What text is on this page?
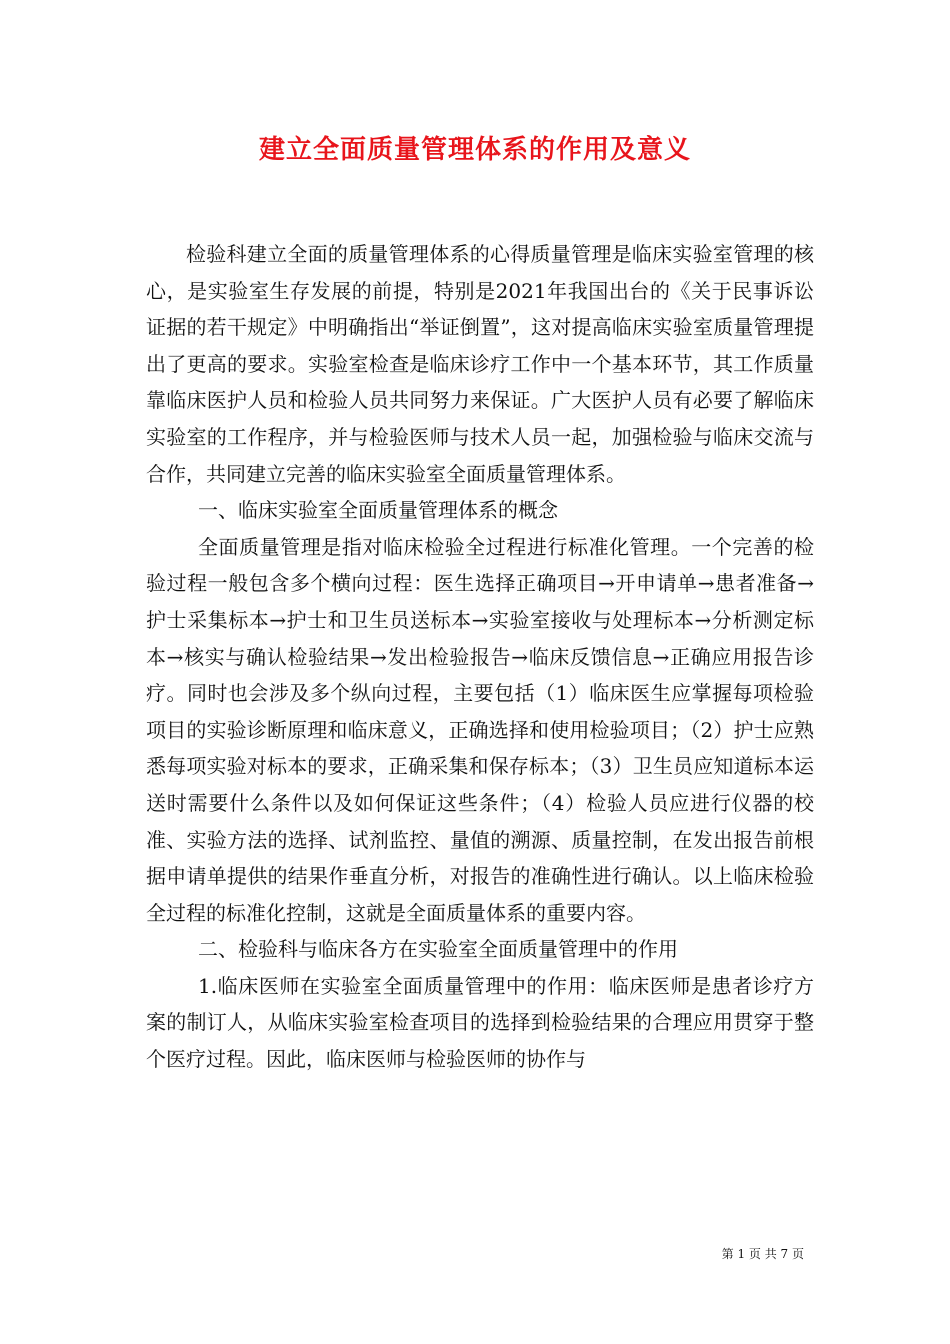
建立全面质量管理体系的作用及意义

检验科建立全面的质量管理体系的心得质量管理是临床实验室管理的核心，是实验室生存发展的前提，特别是2021年我国出台的《关于民事诉讼证据的若干规定》中明确指出“举证倒置”，这对提高临床实验室质量管理提出了更高的要求。实验室检查是临床诊疗工作中一个基本环节，其工作质量靠临床医护人员和检验人员共同努力来保证。广大医护人员有必要了解临床实验室的工作程序，并与检验医师与技术人员一起，加强检验与临床交流与合作，共同建立完善的临床实验室全面质量管理体系。

一、临床实验室全面质量管理体系的概念

全面质量管理是指对临床检验全过程进行标准化管理。一个完善的检验过程一般包含多个横向过程：医生选择正确项目→开申请单→患者准备→护士采集标本→护士和卫生员送标本→实验室接收与处理标本→分析测定标本→核实与确认检验结果→发出检验报告→临床反馈信息→正确应用报告诊疗。同时也会涉及多个纵向过程，主要包括（1）临床医生应掌握每项检验项目的实验诊断原理和临床意义，正确选择和使用检验项目；（2）护士应熟悉每项实验对标本的要求，正确采集和保存标本；（3）卫生员应知道标本运送时需要什么条件以及如何保证这些条件；（4）检验人员应进行仪器的校准、实验方法的选择、试剂监控、量值的溯源、质量控制，在发出报告前根据申请单提供的结果作垂直分析，对报告的准确性进行确认。以上临床检验全过程的标准化控制，这就是全面质量体系的重要内容。

二、检验科与临床各方在实验室全面质量管理中的作用

1.临床医师在实验室全面质量管理中的作用：临床医师是患者诊疗方案的制订人，从临床实验室检查项目的选择到检验结果的合理应用贯穿于整个医疗过程。因此，临床医师与检验医师的协作与

第 1 页 共 7 页
